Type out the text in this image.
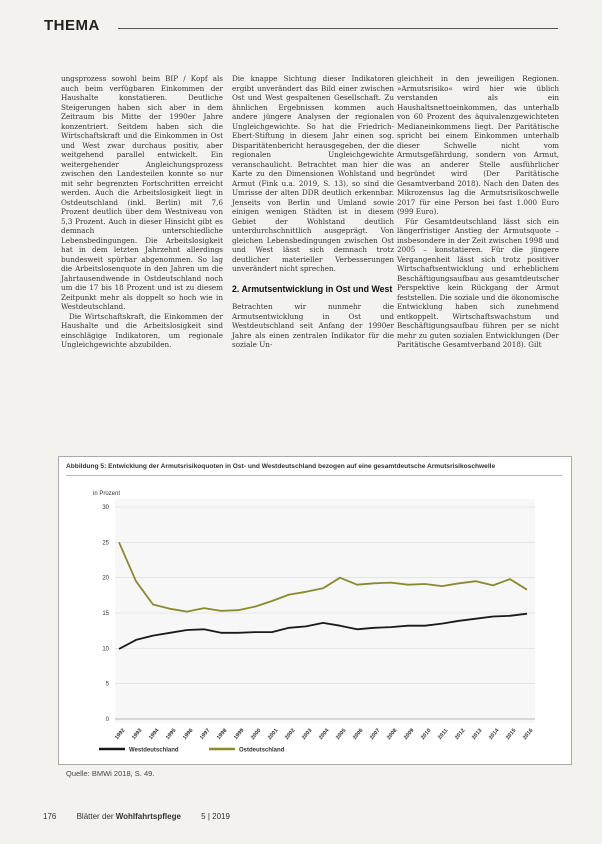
THEMA

ungsprozess sowohl beim BIP / Kopf als auch beim verfügbaren Einkommen der Haushalte konstatieren. Deutliche Steigerungen haben sich aber in dem Zeitraum bis Mitte der 1990er Jahre konzentriert. Seitdem haben sich die Wirtschaftskraft und die Einkommen in Ost und West zwar durchaus positiv, aber weitgehend parallel entwickelt. Ein weitergehender Angleichungsprozess zwischen den Landesteilen konnte so nur mit sehr begrenzten Fortschritten erreicht werden. Auch die Arbeitslosigkeit liegt in Ostdeutschland (inkl. Berlin) mit 7,6 Prozent deutlich über dem Westniveau von 5,3 Prozent. Auch in dieser Hinsicht gibt es demnach unterschiedliche Lebensbedingungen. Die Arbeitslosigkeit hat in dem letzten Jahrzehnt allerdings bundesweit spürbar abgenommen. So lag die Arbeitslosenquote in den Jahren um die Jahrtausendwende in Ostdeutschland noch um die 17 bis 18 Prozent und ist zu diesem Zeitpunkt mehr als doppelt so hoch wie in Westdeutschland.

Die Wirtschaftskraft, die Einkommen der Haushalte und die Arbeitslosigkeit sind einschlägige Indikatoren, um regionale Ungleichgewichte abzubilden.

Die knappe Sichtung dieser Indikatoren ergibt unverändert das Bild einer zwischen Ost und West gespaltenen Gesellschaft. Zu ähnlichen Ergebnissen kommen auch andere jüngere Analysen der regionalen Ungleichgewichte. So hat die Friedrich-Ebert-Stiftung in diesem Jahr einen sog. Disparitätenbericht herausgegeben, der die regionalen Ungleichgewichte veranschaulicht. Betrachtet man hier die Karte zu den Dimensionen Wohlstand und Armut (Fink u.a. 2019, S. 13), so sind die Umrisse der alten DDR deutlich erkennbar. Jenseits von Berlin und Umland sowie einigen wenigen Städten ist in diesem Gebiet der Wohlstand deutlich unterdurchschnittlich ausgeprägt. Von gleichen Lebensbedingungen zwischen Ost und West lässt sich demnach trotz deutlicher materieller Verbesserungen unverändert nicht sprechen.

2. Armutsentwicklung in Ost und West

Betrachten wir nunmehr die Armutsentwicklung in Ost und Westdeutschland seit Anfang der 1990er Jahre als einen zentralen Indikator für die soziale Un-

gleichheit in den jeweiligen Regionen. »Armutsrisiko« wird hier wie üblich verstanden als ein Haushaltsnettoeinkommen, das unterhalb von 60 Prozent des äquivalenzgewichteten Medianeinkommens liegt. Der Paritätische spricht bei einem Einkommen unterhalb dieser Schwelle nicht vom Armutsgefährdung, sondern von Armut, was an anderer Stelle ausführlicher begründet wird (Der Paritätische Gesamtverband 2018). Nach den Daten des Mikrozensus lag die Armutsrisikoschwelle 2017 für eine Person bei fast 1.000 Euro (999 Euro).

Für Gesamtdeutschland lässt sich ein längerfristiger Anstieg der Armutsquote – insbesondere in der Zeit zwischen 1998 und 2005 – konstatieren. Für die jüngere Vergangenheit lässt sich trotz positiver Wirtschaftsentwicklung und erheblichem Beschäftigungsaufbau aus gesamtdeutscher Perspektive kein Rückgang der Armut feststellen. Die soziale und die ökonomische Entwicklung haben sich zunehmend entkoppelt. Wirtschaftswachstum und Beschäftigungsaufbau führen per se nicht mehr zu guten sozialen Entwicklungen (Der Paritätische Gesamtverband 2018). Gilt

Abbildung 5: Entwicklung der Armutsrisikoquoten in Ost- und Westdeutschland bezogen auf eine gesamtdeutsche Armutsrisikoschwelle
in Prozent
0
5
10
15
20
25
30
1992 1993 1994 1995 1996 1997 1998 1999 2000 2001 2002 2003 2004 2005 2006 2007 2008 2009 2010 2011 2012 2013 2014 2015 2016
Westdeutschland	Ostdeutschland
Quelle: BMWi 2018, S. 49.
176	Blätter der Wohlfahrtspflege	5 | 2019
